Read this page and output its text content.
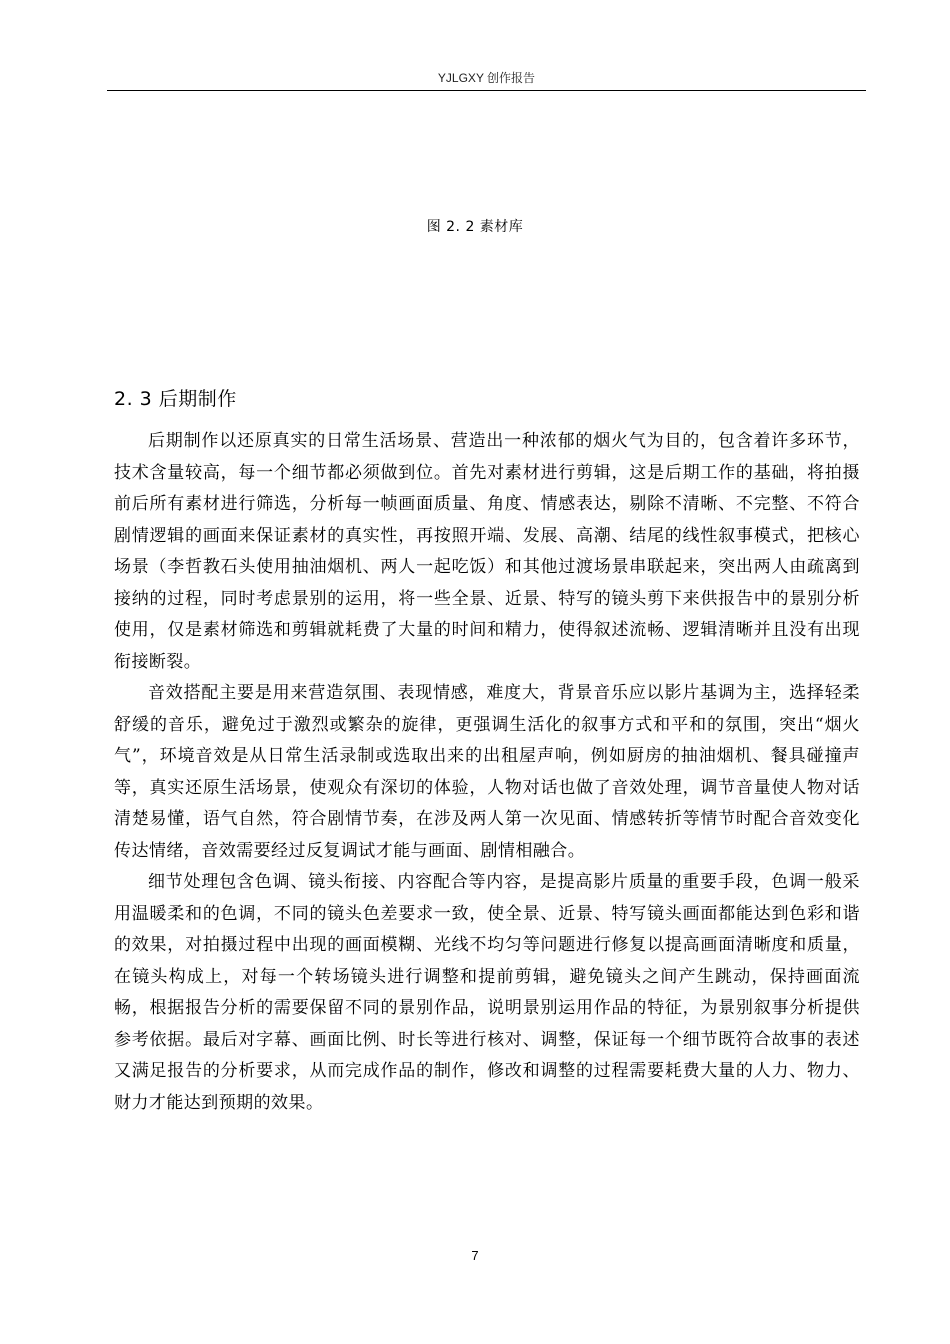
YJLGXY 创作报告
图 2. 2 素材库
2. 3 后期制作

后期制作以还原真实的日常生活场景、营造出一种浓郁的烟火气为目的，包含着许多环节，技术含量较高，每一个细节都必须做到位。首先对素材进行剪辑，这是后期工作的基础，将拍摄前后所有素材进行筛选，分析每一帧画面质量、角度、情感表达，剔除不清晰、不完整、不符合剧情逻辑的画面来保证素材的真实性，再按照开端、发展、高潮、结尾的线性叙事模式，把核心场景（李哲教石头使用抽油烟机、两人一起吃饭）和其他过渡场景串联起来，突出两人由疏离到接纳的过程，同时考虑景别的运用，将一些全景、近景、特写的镜头剪下来供报告中的景别分析使用，仅是素材筛选和剪辑就耗费了大量的时间和精力，使得叙述流畅、逻辑清晰并且没有出现衔接断裂。

音效搭配主要是用来营造氛围、表现情感，难度大，背景音乐应以影片基调为主，选择轻柔舒缓的音乐，避免过于激烈或繁杂的旋律，更强调生活化的叙事方式和平和的氛围，突出“烟火气”，环境音效是从日常生活录制或选取出来的出租屋声响，例如厨房的抽油烟机、餐具碰撞声等，真实还原生活场景，使观众有深切的体验，人物对话也做了音效处理，调节音量使人物对话清楚易懂，语气自然，符合剧情节奏，在涉及两人第一次见面、情感转折等情节时配合音效变化传达情绪，音效需要经过反复调试才能与画面、剧情相融合。

细节处理包含色调、镜头衔接、内容配合等内容，是提高影片质量的重要手段，色调一般采用温暖柔和的色调，不同的镜头色差要求一致，使全景、近景、特写镜头画面都能达到色彩和谐的效果，对拍摄过程中出现的画面模糊、光线不均匀等问题进行修复以提高画面清晰度和质量，在镜头构成上，对每一个转场镜头进行调整和提前剪辑，避免镜头之间产生跳动，保持画面流畅，根据报告分析的需要保留不同的景别作品，说明景别运用作品的特征，为景别叙事分析提供参考依据。最后对字幕、画面比例、时长等进行核对、调整，保证每一个细节既符合故事的表述又满足报告的分析要求，从而完成作品的制作，修改和调整的过程需要耗费大量的人力、物力、财力才能达到预期的效果。

7
